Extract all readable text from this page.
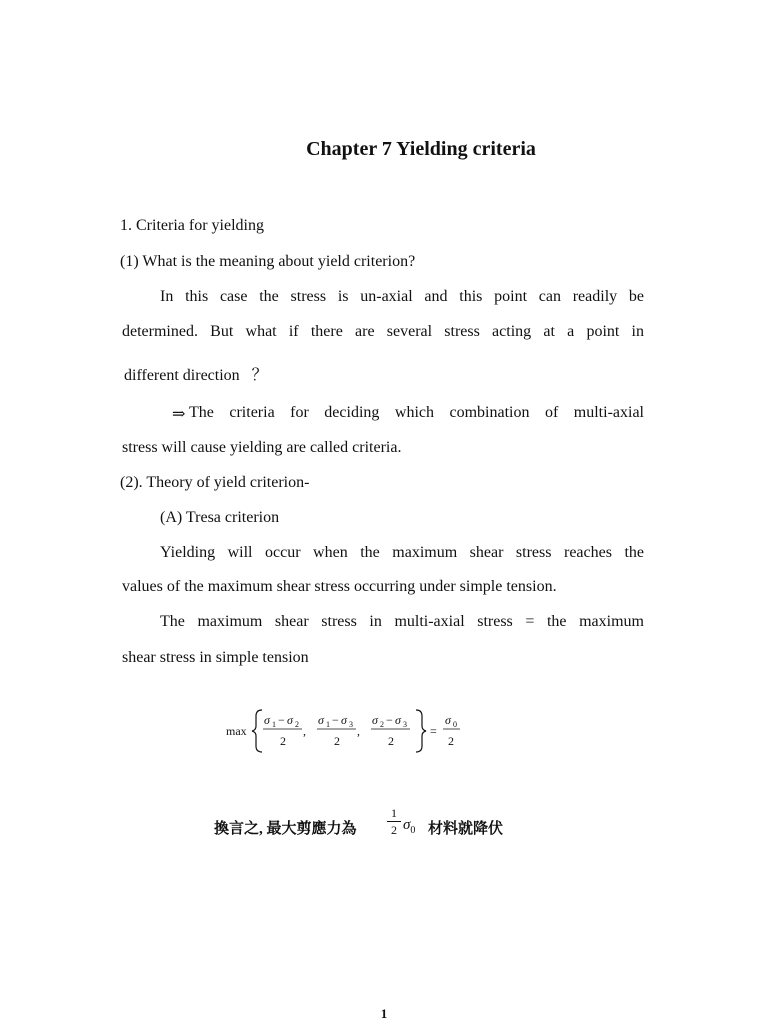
Chapter 7 Yielding criteria
1. Criteria for yielding
(1) What is the meaning about yield criterion?
In this case the stress is un-axial and this point can readily be
determined. But what if there are several stress acting at a point in
different direction ？
⇒ The criteria for deciding which combination of multi-axial
stress will cause yielding are called criteria.
(2). Theory of yield criterion-
(A) Tresa criterion
Yielding will occur when the maximum shear stress reaches the
values of the maximum shear stress occurring under simple tension.
The maximum shear stress in multi-axial stress = the maximum
shear stress in simple tension
max
σ 1 − σ 2
2
,
σ 1 − σ 3
2
,
σ 2 − σ 3
2
=
σ 0
2
換言之, 最大剪應力為
1
2 $\sigma_0$ 材料就降伏
1
